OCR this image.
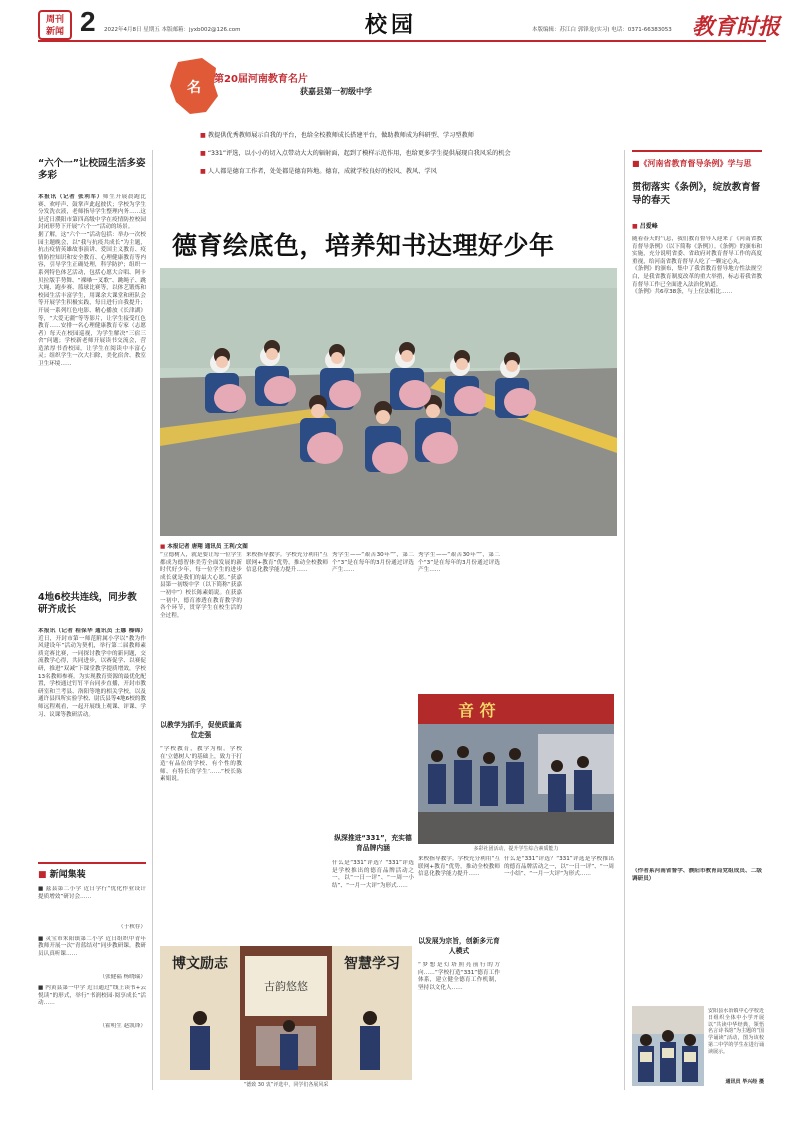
周刊
新闻 2 2022年4月8日 星期五 本版邮箱：jyxb002@126.com	校园	本版编辑：苏江白 郭锋龙(实习) 电话：0371-66383053 教育时报
“六个一”让校园生活多姿多彩
本报讯（记者 张利军）师生开展晨跑比赛、欢呼声、鼓掌声此起彼伏；学校为学生分发洗衣液，老师指导学生整理内务……这是近日濮阳市第四高级中学在疫情防控校园封闭形势下开展“六个一”活动的场景。
据了解，这“六个一”活动包括：举办一次校园主题晚会，以“我与抗疫共成长”为主题，抗击疫情英雄故事演讲、爱国主义教育、疫情防控知识和安全教育、心理健康教育等内容，引导学生正确处理，科学防护；组织一系列特色体艺活动，包括心愿大合唱、阿卡贝拉版手势舞、“裸嗓一叉歌”、跳绳子、跳大绳、跑步赛、篮球比赛等，以体艺锻炼和校园生活丰富学生，用课余大课堂和班队会等开展学生积极实践，每日进行自我提升；开展一系列红色电影、精心播放《长津湖》等，“大爱无疆”等等影片，让学生接受红色教育……安排一名心理健康教育专家（志愿者）每天在校园巡视，为学生解决“三宿三舍”问题；学校新老师开展读书交流会，营造浓厚书香校园，让学生在阅读中丰富心灵；组织学生一次大扫除，美化宿舍、教室卫生环境……
4地6校共连线，同步教研齐成长
本报讯（记者 程保华 通讯员 王娜 榛锦）近日，开封市第一师范附属小学以“教为作风建设年”活动为契机，举行第二届教师素质竞赛比赛，一同探讨教学中的新问题，交流教学心得，共同进步，以赛促学、以赛促研，推进“双减”下课堂教学提质增效，学校13名教师参赛。为实现教育资源的最优化配置，学校通过钉钉平台同步直播，开封市教研室和兰考县、洛阳等地的相关学校，以及通许县四所实验学校、尉氏县等4地6校的教师远程观看，一起开展线上观课、评课、学习、议课等教研活动。
■ 新闻集装
■ 兹县第二小学 近日学行“优化作业设计 提质增效”研讨会……
（于秋存）
■ 灵宝市朱阳镇第二小学 近日组织中青年教师开展一次“青蓝结对”同步教研课。教研员认真听课……
（张健福 杨晓瑞）
■ 内黄县第一中学 近日通过“线上读书+云悦读”的形式，举行“书润校园·阅享成长”活动……
（霍明生 赵凯锋）
名
第20届河南教育名片
获嘉县第一初级中学
■ 教提供优秀教师展示自我的平台，也给全校教师成长搭建平台，做助教师成为科研型、学习型教师
■ “331”评选，以小小的切入点带动大大的辐射面，起到了模样示范作用，也给更多学生提供展现自我风采的机会
■ 人人都是德育工作者，处处都是德育阵地。德育，成就学校良好的校风、教风、学风
德育绘底色，培养知书达理好少年
■ 本报记者 唐翔 通讯员 王利/文图
“立德树人，就是要让每一位学生都成为德智体美劳全面发展的新时代好少年，每一位学生的进步成长就是我们的最大心愿。”获嘉县第一初级中学（以下简称“获嘉一初中”）校长陈素娟说。在获嘉一初中，德育渗透在教育教学的各个环节，贯穿学生在校生活的全过程。
以教学为抓手，促使质量高位走强
“学校教育，教学为根。学校在‘立德树人’的基础上，致力于打造‘有品位的学校、有个性的教师、有特长的学生’……”校长陈素娟说。
来校指导教学。学校充分利用“互联网+教育”优势，推动全校教师信息化教学能力提升……
秀学生——“艰苦30年””，第二个“3”是在每年的3月份通过评选产生……
纵深推进“331”，充实德育品牌内涵
什么是“331”评选？“331”评选是学校推出的德育品牌活动之一，以“一日一评”、“一周一小结”、“一月一大评”为形式……
秀学生——“艰苦30年””，第二个“3”是在每年的3月份通过评选产生……
以发展为宗旨，创新多元育人模式
“梦想是灯塔照亮前行的方向……”学校打造“331”德育工作体系，建立健全德育工作机制，坚持以文化人……
什么是“331”评选？“331”评选是学校推出的德育品牌活动之一，以“一日一评”、“一周一小结”、“一月一大评”为形式……
来校指导教学。学校充分利用“互联网+教育”优势，推动全校教师信息化教学能力提升……
音 符
多彩社团活动，提升学生综合素质能力
古韵悠悠
博文励志	智慧学习
“德致 30 衷”评选中，同学们各展风采
■《河南省教育督导条例》学与思
贯彻落实《条例》，绽放教育督导的春天
■ 吕爱峰
随着春天的气息，我们教育督导人迎来了《河南省教育督导条例》（以下简称《条例》）。《条例》的颁布和实施，充分说明省委、省政府对教育督导工作的高度重视，给河南省教育督导人吃了一颗定心丸。
《条例》的颁布，集中了我省教育督导地方性法规空白，是我省教育制度改革的重大举措，标志着我省教育督导工作已全面进入法治化轨道。
《条例》共6章38条，与上位法相比……
（作者系河南省督学、濮阳市教育局党组成员、二级调研员）
安阳县水冶镇中心学校近日组织全体中小学开展以“共读中华经典，领悟名言诗书韵”为主题的“国学诵读”活动，图为该校第二中学的学生在进行诵读展示。
通讯员 毕兴经 摄
